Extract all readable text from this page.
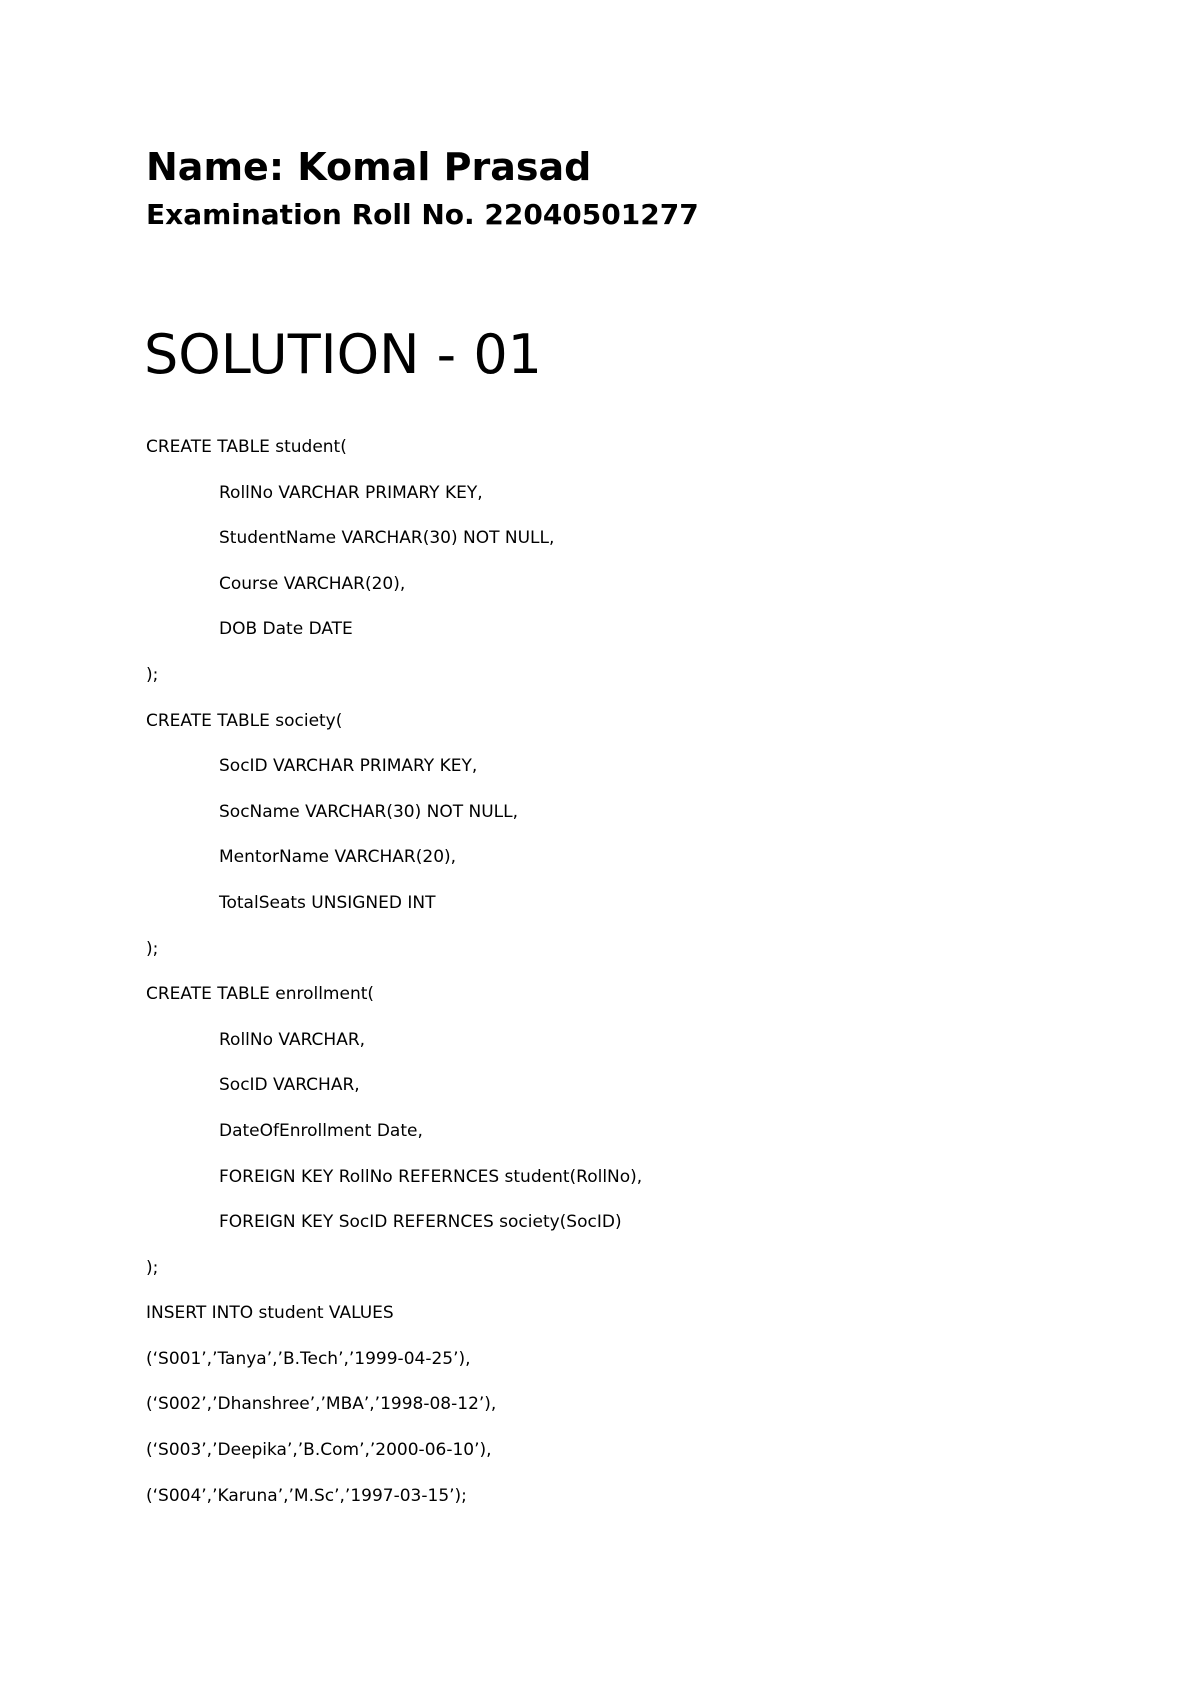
Name: Komal Prasad
Examination Roll No. 22040501277
SOLUTION - 01
CREATE TABLE student(
RollNo VARCHAR PRIMARY KEY,
StudentName VARCHAR(30) NOT NULL,
Course VARCHAR(20),
DOB Date DATE
);
CREATE TABLE society(
SocID VARCHAR PRIMARY KEY,
SocName VARCHAR(30) NOT NULL,
MentorName VARCHAR(20),
TotalSeats UNSIGNED INT
);
CREATE TABLE enrollment(
RollNo VARCHAR,
SocID VARCHAR,
DateOfEnrollment Date,
FOREIGN KEY RollNo REFERNCES student(RollNo),
FOREIGN KEY SocID REFERNCES society(SocID)
);
INSERT INTO student VALUES
(‘S001’,’Tanya’,’B.Tech’,’1999-04-25’),
(‘S002’,’Dhanshree’,’MBA’,’1998-08-12’),
(‘S003’,’Deepika’,’B.Com’,’2000-06-10’),
(‘S004’,’Karuna’,’M.Sc’,’1997-03-15’);
